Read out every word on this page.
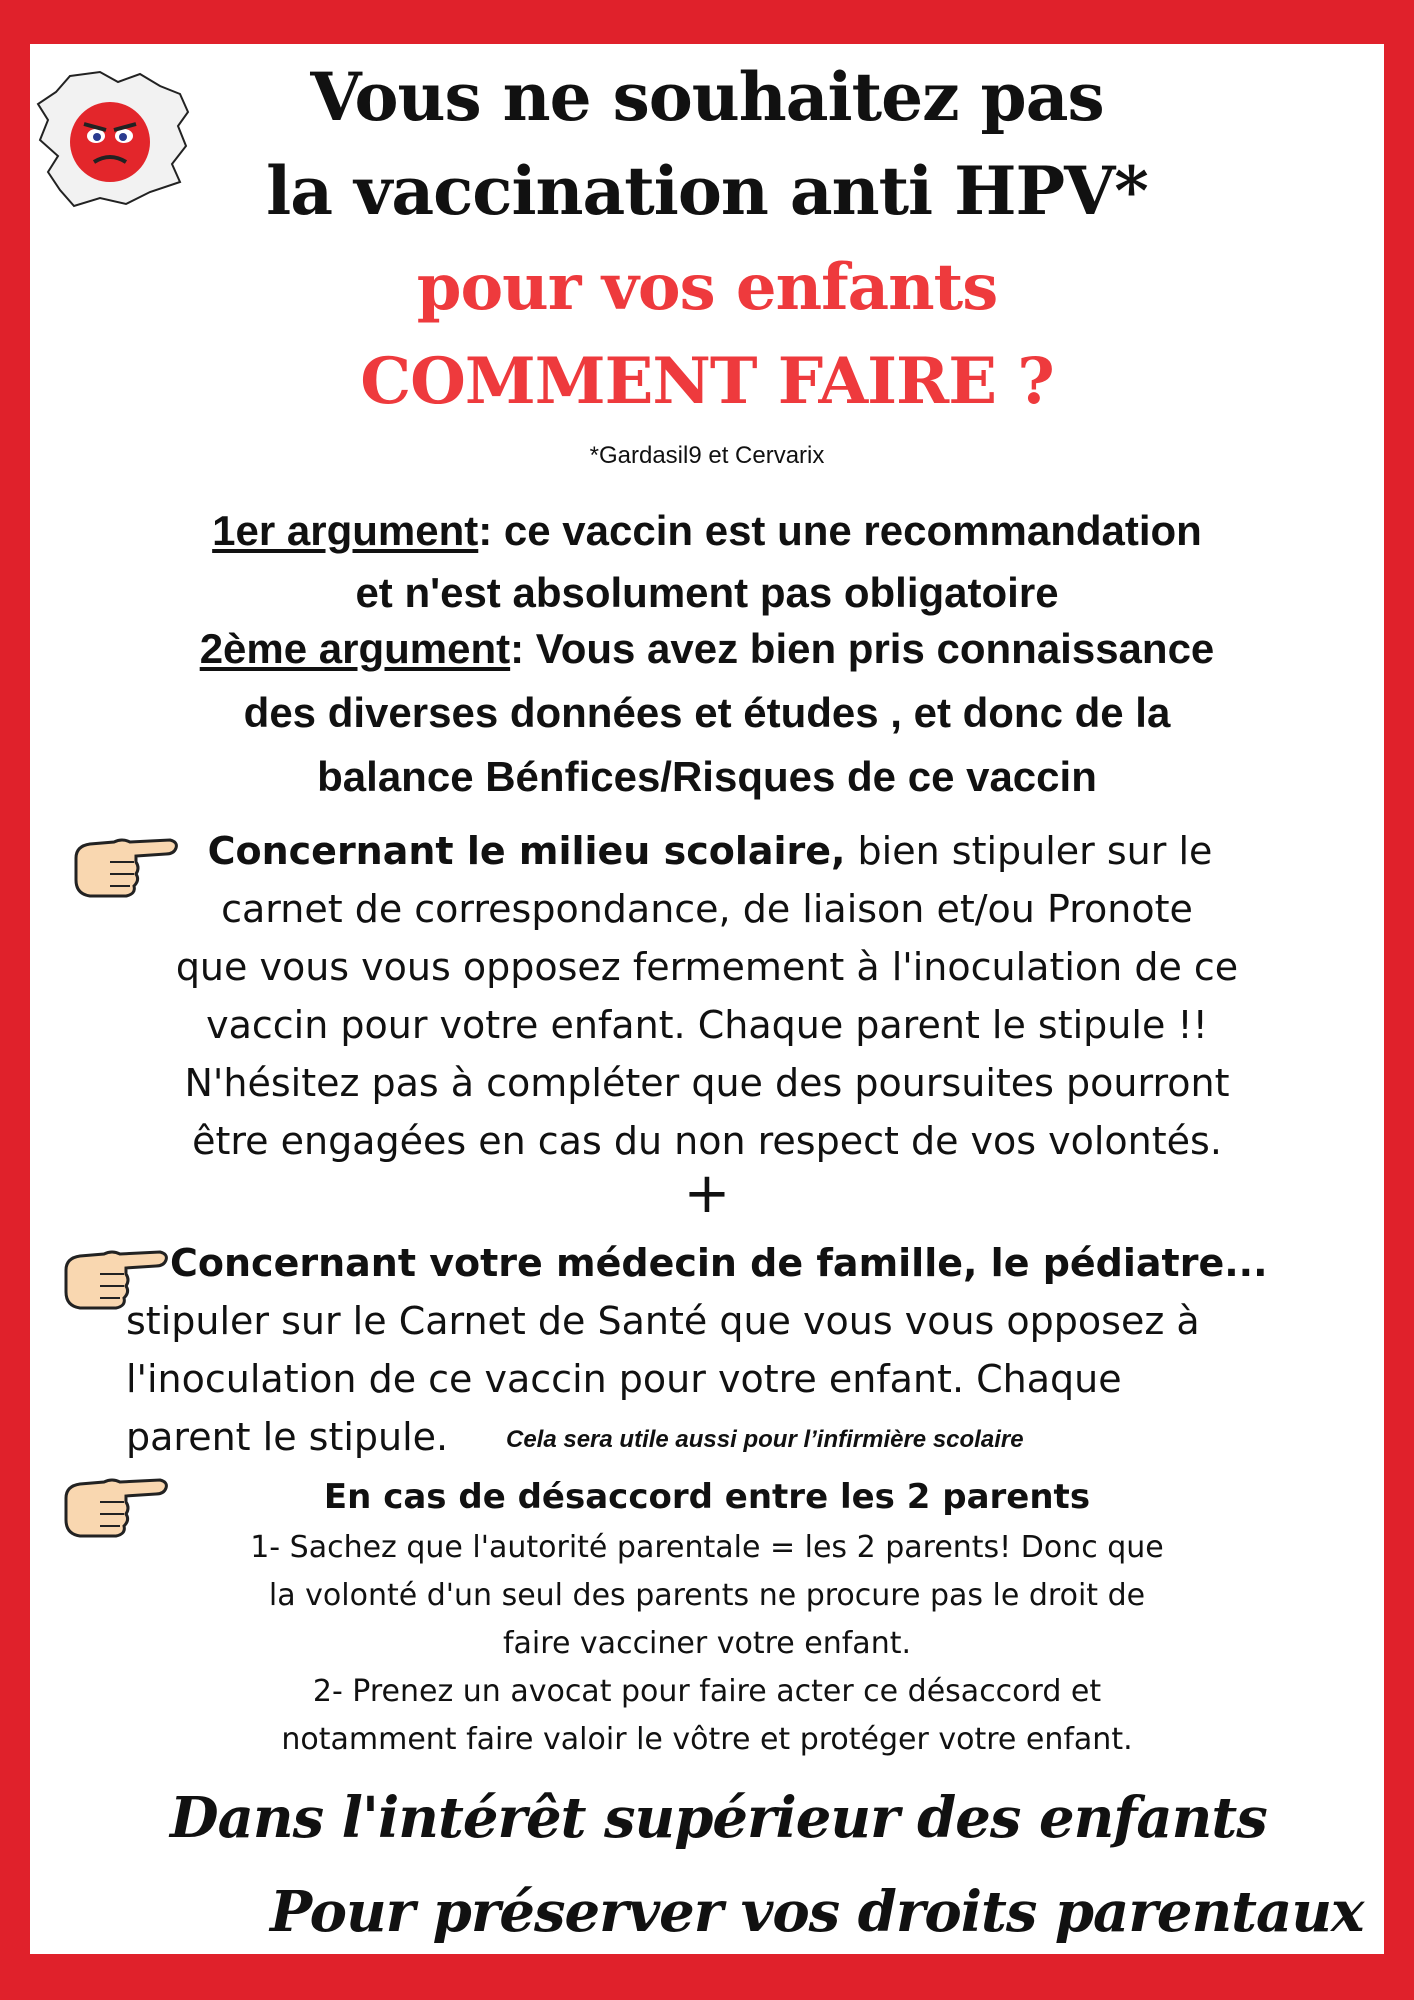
Vous ne souhaitez pas
la vaccination anti HPV*
pour vos enfants
COMMENT FAIRE ?
*Gardasil9 et Cervarix
1er argument: ce vaccin est une recommandation
et n'est absolument pas obligatoire
2ème argument: Vous avez bien pris connaissance
des diverses données et études , et donc de la
balance Bénfices/Risques de ce vaccin
Concernant le milieu scolaire, bien stipuler sur le
carnet de correspondance, de liaison et/ou Pronote
que vous vous opposez fermement à l'inoculation de ce
vaccin pour votre enfant. Chaque parent le stipule !!
N'hésitez pas à compléter que des poursuites pourront
être engagées en cas du non respect de vos volontés.
+
Concernant votre médecin de famille, le pédiatre...
stipuler sur le Carnet de Santé que vous vous opposez à
l'inoculation de ce vaccin pour votre enfant. Chaque
parent le stipule.	Cela sera utile aussi pour l’infirmière scolaire
En cas de désaccord entre les 2 parents
1- Sachez que l'autorité parentale = les 2 parents! Donc que
la volonté d'un seul des parents ne procure pas le droit de
faire vacciner votre enfant.
2- Prenez un avocat pour faire acter ce désaccord et
notamment faire valoir le vôtre et protéger votre enfant.
Dans l'intérêt supérieur des enfants
Pour préserver vos droits parentaux
